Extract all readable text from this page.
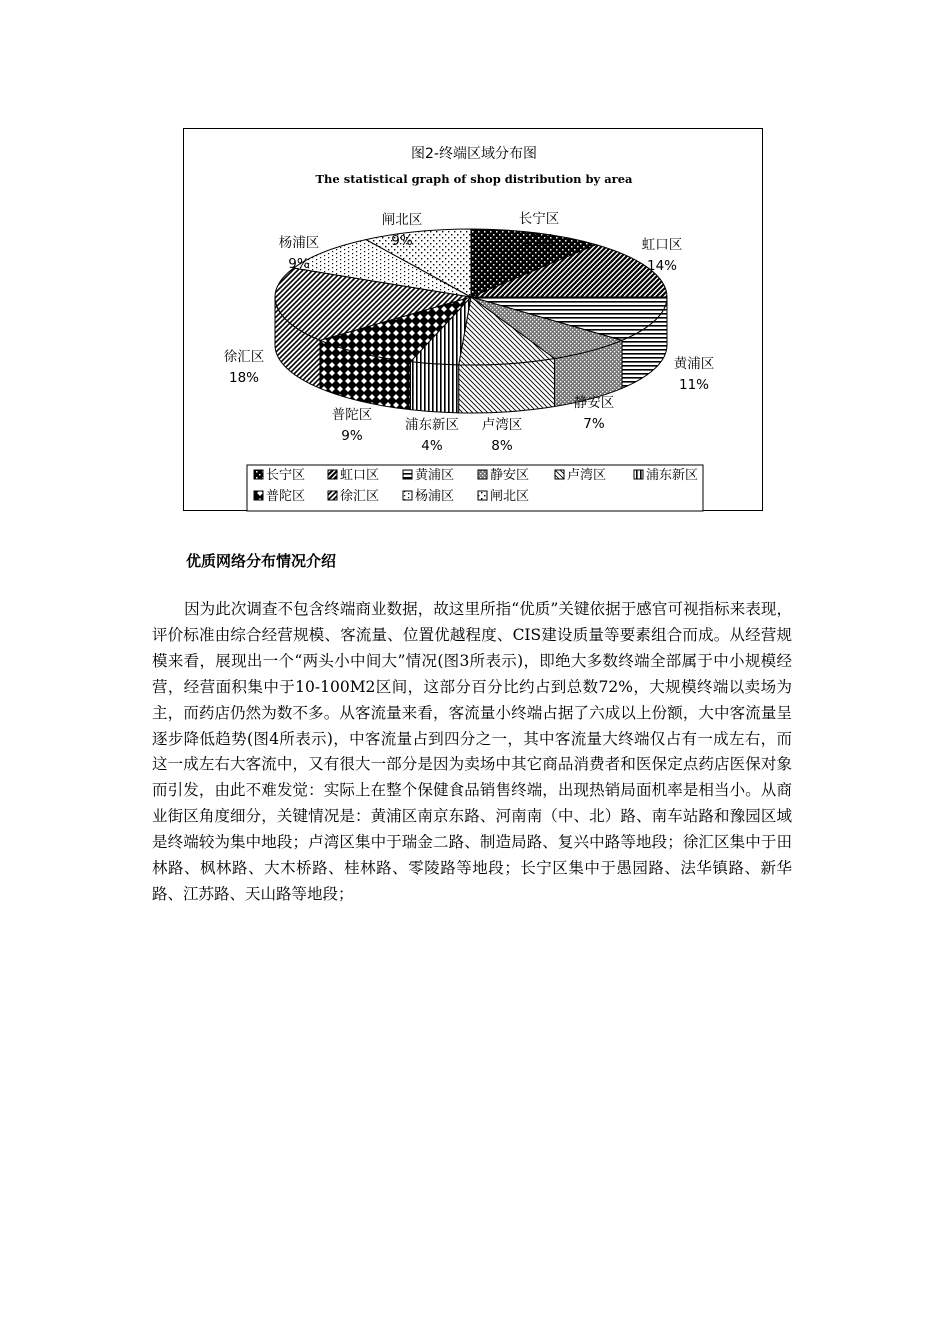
图2-终端区域分布图
The statistical graph of shop distribution by area
长宁区
11%	虹口区
14%
黄浦区
11%
静安区
7%
卢湾区
8%
浦东新区
4%
普陀区
9%
徐汇区
18%
杨浦区
9%
闸北区
9%
长宁区	虹口区	黄浦区	静安区	卢湾区	浦东新区
普陀区	徐汇区	杨浦区	闸北区
优质网络分布情况介绍

因为此次调查不包含终端商业数据，故这里所指“优质”关键依据于感官可视指标来表现，评价标准由综合经营规模、客流量、位置优越程度、CIS建设质量等要素组合而成。从经营规模来看，展现出一个“两头小中间大”情况(图3所表示)，即绝大多数终端全部属于中小规模经营，经营面积集中于10-100M2区间，这部分百分比约占到总数72%，大规模终端以卖场为主，而药店仍然为数不多。从客流量来看，客流量小终端占据了六成以上份额，大中客流量呈逐步降低趋势(图4所表示)，中客流量占到四分之一，其中客流量大终端仅占有一成左右，而这一成左右大客流中，又有很大一部分是因为卖场中其它商品消费者和医保定点药店医保对象而引发，由此不难发觉：实际上在整个保健食品销售终端，出现热销局面机率是相当小。从商业街区角度细分，关键情况是：黄浦区南京东路、河南南（中、北）路、南车站路和豫园区域是终端较为集中地段；卢湾区集中于瑞金二路、制造局路、复兴中路等地段；徐汇区集中于田林路、枫林路、大木桥路、桂林路、零陵路等地段；长宁区集中于愚园路、法华镇路、新华路、江苏路、天山路等地段；
